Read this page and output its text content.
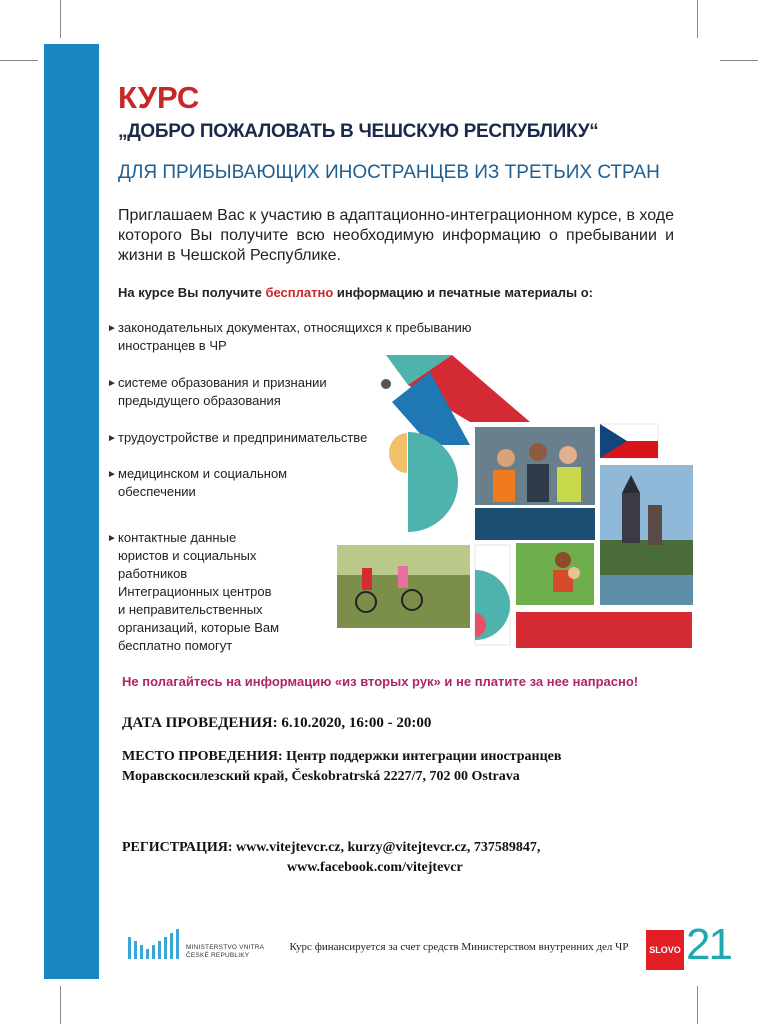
КУРС
„ДОБРО ПОЖАЛОВАТЬ В ЧЕШСКУЮ РЕСПУБЛИКУ“
ДЛЯ ПРИБЫВАЮЩИХ ИНОСТРАНЦЕВ ИЗ ТРЕТЬИХ СТРАН
Приглашаем Вас к участию в адаптационно-интеграционном курсе, в ходе которого Вы получите всю необходимую информацию о пребывании и жизни в Чешской Республике.
На курсе Вы получите бесплатно информацию и печатные материалы о:
► законодательных документах, относящихся к пребыванию
иностранцев в ЧР
► системе образования и признании
предыдущего образования
► трудоустройстве и предпринимательстве
► медицинском и социальном
обеспечении
► контактные данные
юристов и социальных
работников
Интеграционных центров
и неправительственных
организаций, которые Вам
бесплатно помогут
Не полагайтесь на информацию «из вторых рук» и не платите за нее напрасно!
ДАТА ПРОВЕДЕНИЯ: 6.10.2020, 16:00 - 20:00
МЕСТО ПРОВЕДЕНИЯ: Центр поддержки интеграции иностранцев
Моравскосилезский край, Českobratrská 2227/7, 702 00 Ostrava
РЕГИСТРАЦИЯ: www.vitejtevcr.cz, kurzy@vitejtevcr.cz, 737589847,
www.facebook.com/vitejtevcr
MINISTERSTVO VNITRA
ČESKÉ REPUBLIKY
Курс финансируется за счет средств Министерством внутренних дел ЧР	SLOVO 21
